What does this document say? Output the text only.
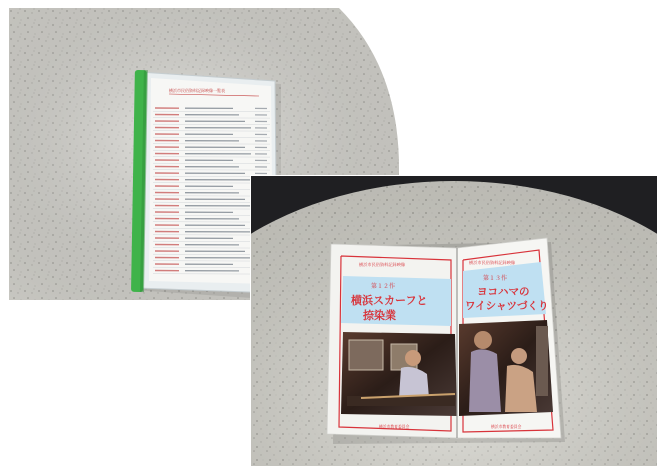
横浜市民俗資料記録映像一覧表
横浜市民俗資料記録映像
第１２作
横浜スカーフと
捺染業
横浜市民俗資料記録映像
第１３作
ヨコハマの
ワイシャツづくり
横浜市教育委員会	横浜市教育委員会
